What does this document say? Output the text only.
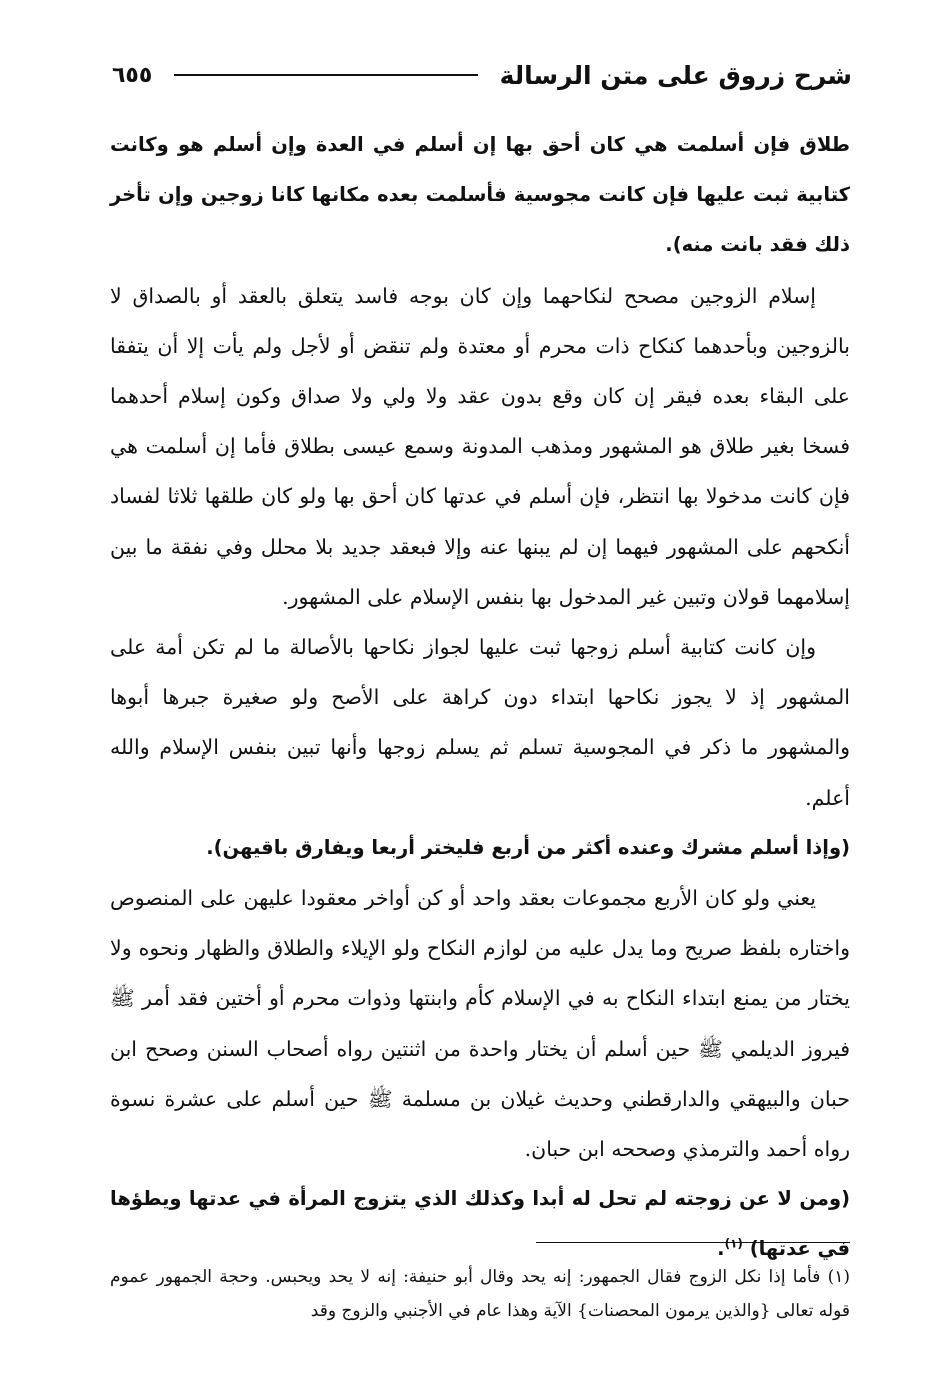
شرح زروق على متن الرسالة
٦٥٥

طلاق فإن أسلمت هي كان أحق بها إن أسلم في العدة وإن أسلم هو وكانت كتابية ثبت عليها فإن كانت مجوسية فأسلمت بعده مكانها كانا زوجين وإن تأخر ذلك فقد بانت منه).

إسلام الزوجين مصحح لنكاحهما وإن كان بوجه فاسد يتعلق بالعقد أو بالصداق لا بالزوجين وبأحدهما كنكاح ذات محرم أو معتدة ولم تنقض أو لأجل ولم يأت إلا أن يتفقا على البقاء بعده فيقر إن كان وقع بدون عقد ولا ولي ولا صداق وكون إسلام أحدهما فسخا بغير طلاق هو المشهور ومذهب المدونة وسمع عيسى بطلاق فأما إن أسلمت هي فإن كانت مدخولا بها انتظر، فإن أسلم في عدتها كان أحق بها ولو كان طلقها ثلاثا لفساد أنكحهم على المشهور فيهما إن لم يبنها عنه وإلا فبعقد جديد بلا محلل وفي نفقة ما بين إسلامهما قولان وتبين غير المدخول بها بنفس الإسلام على المشهور.

وإن كانت كتابية أسلم زوجها ثبت عليها لجواز نكاحها بالأصالة ما لم تكن أمة على المشهور إذ لا يجوز نكاحها ابتداء دون كراهة على الأصح ولو صغيرة جبرها أبوها والمشهور ما ذكر في المجوسية تسلم ثم يسلم زوجها وأنها تبين بنفس الإسلام والله أعلم.

(وإذا أسلم مشرك وعنده أكثر من أربع فليختر أربعا ويفارق باقيهن).

يعني ولو كان الأربع مجموعات بعقد واحد أو كن أواخر معقودا عليهن على المنصوص واختاره بلفظ صريح وما يدل عليه من لوازم النكاح ولو الإيلاء والطلاق والظهار ونحوه ولا يختار من يمنع ابتداء النكاح به في الإسلام كأم وابنتها وذوات محرم أو أختين فقد أمر ﷺ فيروز الديلمي ﷺ حين أسلم أن يختار واحدة من اثنتين رواه أصحاب السنن وصحح ابن حبان والبيهقي والدارقطني وحديث غيلان بن مسلمة ﷺ حين أسلم على عشرة نسوة رواه أحمد والترمذي وصححه ابن حبان.

(ومن لا عن زوجته لم تحل له أبدا وكذلك الذي يتزوج المرأة في عدتها ويطؤها في عدتها) $^{(١)}$.

(١) فأما إذا نكل الزوج فقال الجمهور: إنه يحد وقال أبو حنيفة: إنه لا يحد ويحبس. وحجة الجمهور عموم قوله تعالى {والذين يرمون المحصنات} الآية وهذا عام في الأجنبي والزوج وقد
